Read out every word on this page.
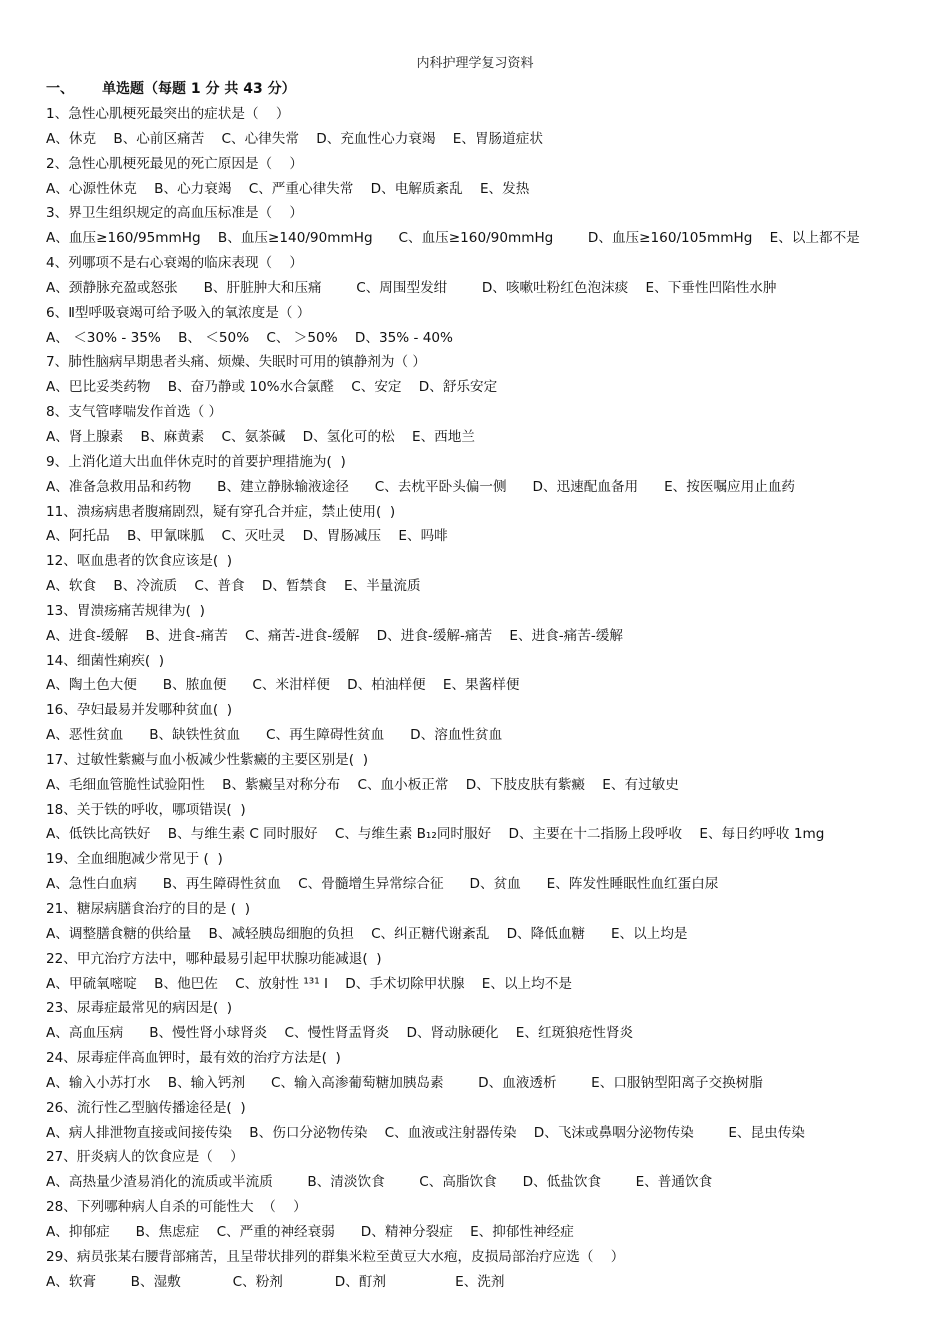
内科护理学复习资料
一、 单选题（每题 1 分 共 43 分）
1、急性心肌梗死最突出的症状是（    ）
A、休克    B、心前区痛苦    C、心律失常    D、充血性心力衰竭    E、胃肠道症状
2、急性心肌梗死最见的死亡原因是（    ）
A、心源性休克    B、心力衰竭    C、严重心律失常    D、电解质紊乱    E、发热
3、界卫生组织规定的高血压标准是（    ）
A、血压≥160/95mmHg    B、血压≥140/90mmHg      C、血压≥160/90mmHg        D、血压≥160/105mmHg    E、以上都不是
4、列哪项不是右心衰竭的临床表现（    ）
A、颈静脉充盈或怒张      B、肝脏肿大和压痛        C、周围型发绀        D、咳嗽吐粉红色泡沫痰    E、下垂性凹陷性水肿
6、Ⅱ型呼吸衰竭可给予吸入的氧浓度是（ ）
A、 ＜30% - 35%    B、 ＜50%    C、 ＞50%    D、35% - 40%
7、肺性脑病早期患者头痛、烦燥、失眠时可用的镇静剂为（ ）
A、巴比妥类药物    B、奋乃静或 10%水合氯醛    C、安定    D、舒乐安定
8、支气管哮喘发作首选（ ）
A、肾上腺素    B、麻黄素    C、氨茶碱    D、氢化可的松    E、西地兰
9、上消化道大出血伴休克时的首要护理措施为(  )
A、准备急救用品和药物      B、建立静脉输液途径      C、去枕平卧头偏一侧      D、迅速配血备用      E、按医嘱应用止血药
11、溃疡病患者腹痛剧烈，疑有穿孔合并症，禁止使用(  )
A、阿托品    B、甲氰咪胍    C、灭吐灵    D、胃肠减压    E、吗啡
12、呕血患者的饮食应该是(  )
A、软食    B、冷流质    C、普食    D、暂禁食    E、半量流质
13、胃溃疡痛苦规律为(  )
A、进食-缓解    B、进食-痛苦    C、痛苦-进食-缓解    D、进食-缓解-痛苦    E、进食-痛苦-缓解
14、细菌性痢疾(  )
A、陶土色大便      B、脓血便      C、米泔样便    D、柏油样便    E、果酱样便
16、孕妇最易并发哪种贫血(  )
A、恶性贫血      B、缺铁性贫血      C、再生障碍性贫血      D、溶血性贫血
17、过敏性紫癜与血小板减少性紫癜的主要区别是(  )
A、毛细血管脆性试验阳性    B、紫癜呈对称分布    C、血小板正常    D、下肢皮肤有紫癜    E、有过敏史
18、关于铁的呼收，哪项错误(  )
A、低铁比高铁好    B、与维生素 C 同时服好    C、与维生素 B₁₂同时服好    D、主要在十二指肠上段呼收    E、每日约呼收 1mg
19、全血细胞减少常见于 (  )
A、急性白血病      B、再生障碍性贫血    C、骨髓增生异常综合征      D、贫血      E、阵发性睡眠性血红蛋白尿
21、糖尿病膳食治疗的目的是 (  )
A、调整膳食糖的供给量    B、减轻胰岛细胞的负担    C、纠正糖代谢紊乱    D、降低血糖      E、以上均是
22、甲亢治疗方法中，哪种最易引起甲状腺功能减退(  )
A、甲硫氧嘧啶    B、他巴佐    C、放射性 ¹³¹ I    D、手术切除甲状腺    E、以上均不是
23、尿毒症最常见的病因是(  )
A、高血压病      B、慢性肾小球肾炎    C、慢性肾盂肾炎    D、肾动脉硬化    E、红斑狼疮性肾炎
24、尿毒症伴高血钾时，最有效的治疗方法是(  )
A、输入小苏打水    B、输入钙剂      C、输入高渗葡萄糖加胰岛素        D、血液透析        E、口服钠型阳离子交换树脂
26、流行性乙型脑传播途径是(  )
A、病人排泄物直接或间接传染    B、伤口分泌物传染    C、血液或注射器传染    D、飞沫或鼻咽分泌物传染        E、昆虫传染
27、肝炎病人的饮食应是（    ）
A、高热量少渣易消化的流质或半流质        B、清淡饮食        C、高脂饮食      D、低盐饮食        E、普通饮食
28、下列哪种病人自杀的可能性大  （    ）
A、抑郁症      B、焦虑症    C、严重的神经衰弱      D、精神分裂症    E、抑郁性神经症
29、病员张某右腰背部痛苦，且呈带状排列的群集米粒至黄豆大水疱，皮损局部治疗应选（    ）
A、软膏        B、湿敷            C、粉剂            D、酊剂                E、洗剂
